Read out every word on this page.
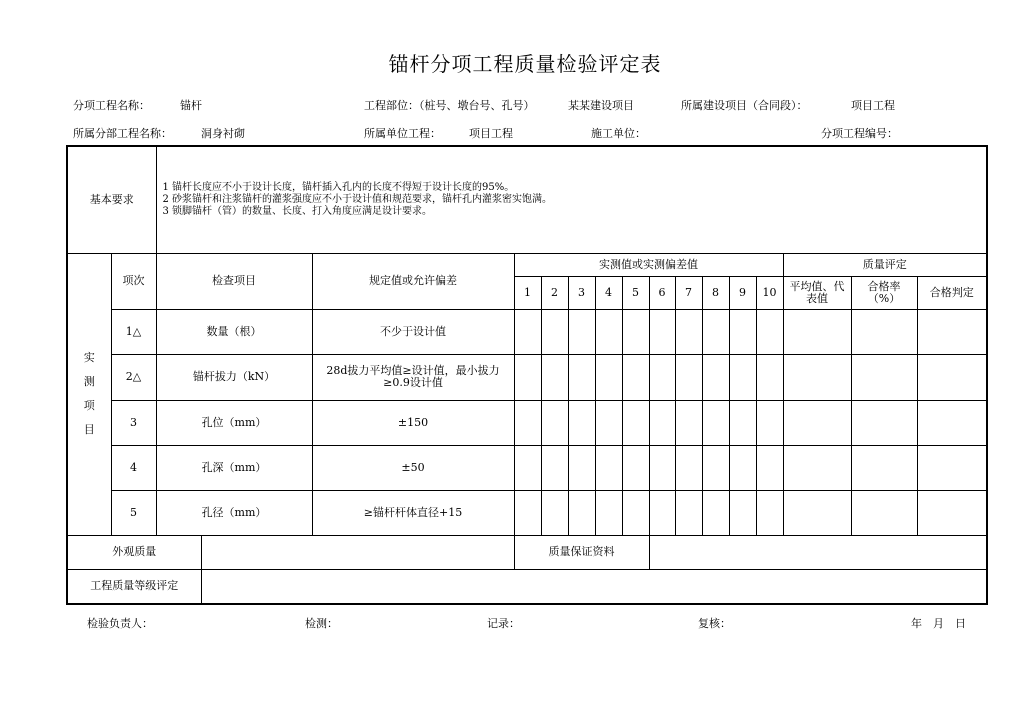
锚杆分项工程质量检验评定表
分项工程名称：	锚杆	工程部位：（桩号、墩台号、孔号）	某某建设项目	所属建设项目（合同段）：	项目工程
所属分部工程名称：	洞身衬砌	所属单位工程：	项目工程	施工单位：	分项工程编号：
基本要求		1 锚杆长度应不小于设计长度，锚杆插入孔内的长度不得短于设计长度的95%。
2 砂浆锚杆和注浆锚杆的灌浆强度应不小于设计值和规范要求，锚杆孔内灌浆密实饱满。
3 锁脚锚杆（管）的数量、长度、打入角度应满足设计要求。															

实
测
项
目	项次	检查项目		规定值或允许偏差	实测值或实测偏差值										质量评定		
					1	2	3	4	5	6	7	8	9	10	平均值、代表值	合格率（%）	合格判定
	1△	数量（根）		不少于设计值													
	2△	锚杆拔力（kN）		28d拔力平均值≥设计值，最小拔力≥0.9设计值													
	3	孔位（mm）		±150													
	4	孔深（mm）		±50													
	5	孔径（mm）		≥锚杆杆体直径+15													
外观质量					质量保证资料												
工程质量等级评定																	
检验负责人：	检测：	记录：	复核：	年　月　日
